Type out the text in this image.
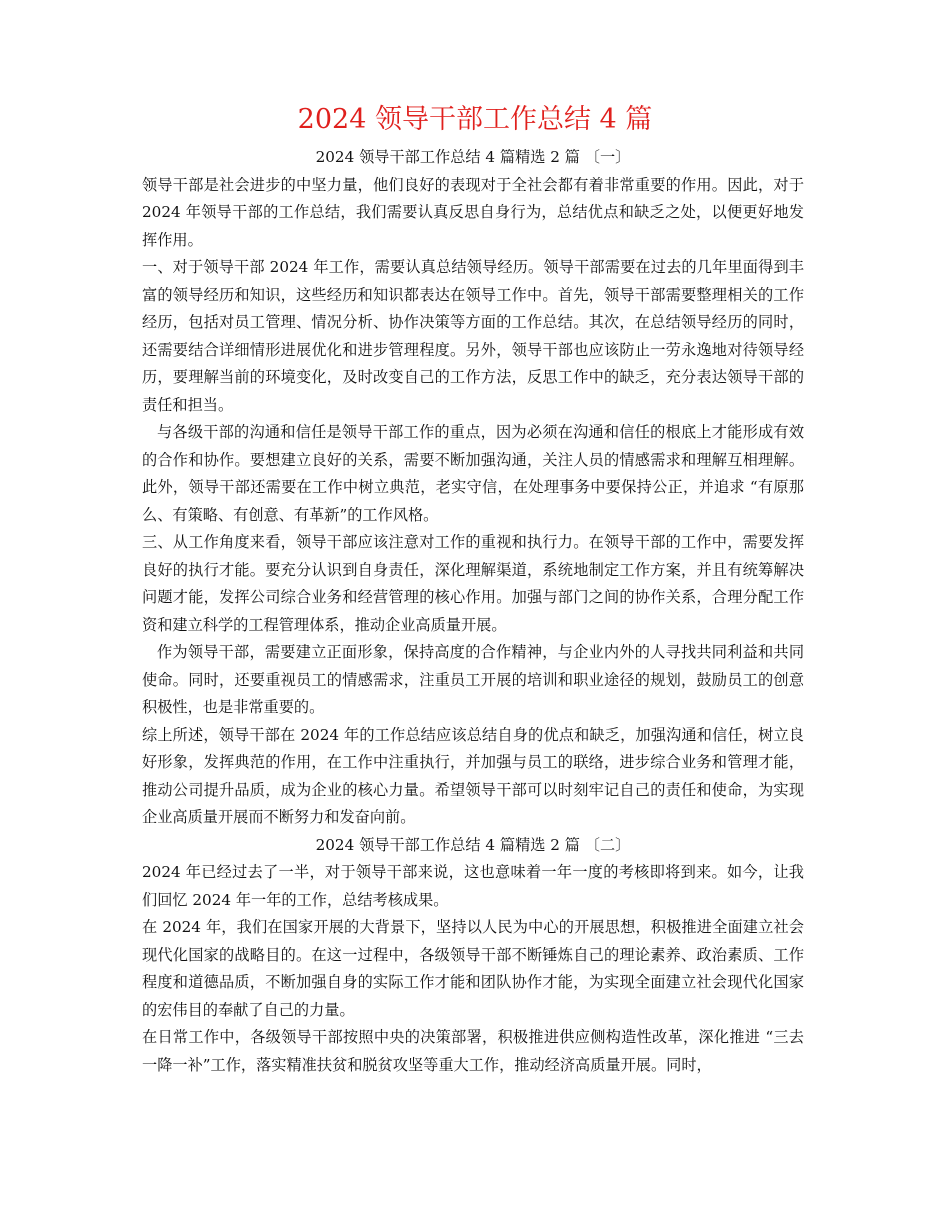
2024 领导干部工作总结 4 篇
2024 领导干部工作总结 4 篇精选 2 篇 〔一〕

领导干部是社会进步的中坚力量，他们良好的表现对于全社会都有着非常重要的作用。因此，对于 2024 年领导干部的工作总结，我们需要认真反思自身行为，总结优点和缺乏之处，以便更好地发挥作用。

一、对于领导干部 2024 年工作，需要认真总结领导经历。领导干部需要在过去的几年里面得到丰富的领导经历和知识，这些经历和知识都表达在领导工作中。首先，领导干部需要整理相关的工作经历，包括对员工管理、情况分析、协作决策等方面的工作总结。其次，在总结领导经历的同时，还需要结合详细情形进展优化和进步管理程度。另外，领导干部也应该防止一劳永逸地对待领导经历，要理解当前的环境变化，及时改变自己的工作方法，反思工作中的缺乏，充分表达领导干部的责任和担当。

与各级干部的沟通和信任是领导干部工作的重点，因为必须在沟通和信任的根底上才能形成有效的合作和协作。要想建立良好的关系，需要不断加强沟通，关注人员的情感需求和理解互相理解。此外，领导干部还需要在工作中树立典范，老实守信，在处理事务中要保持公正，并追求 “有原那么、有策略、有创意、有革新”的工作风格。

三、从工作角度来看，领导干部应该注意对工作的重视和执行力。在领导干部的工作中，需要发挥良好的执行才能。要充分认识到自身责任，深化理解渠道，系统地制定工作方案，并且有统筹解决问题才能，发挥公司综合业务和经营管理的核心作用。加强与部门之间的协作关系，合理分配工作资和建立科学的工程管理体系，推动企业高质量开展。

作为领导干部，需要建立正面形象，保持高度的合作精神，与企业内外的人寻找共同利益和共同使命。同时，还要重视员工的情感需求，注重员工开展的培训和职业途径的规划，鼓励员工的创意积极性，也是非常重要的。

综上所述，领导干部在 2024 年的工作总结应该总结自身的优点和缺乏，加强沟通和信任，树立良好形象，发挥典范的作用，在工作中注重执行，并加强与员工的联络，进步综合业务和管理才能，推动公司提升品质，成为企业的核心力量。希望领导干部可以时刻牢记自己的责任和使命，为实现企业高质量开展而不断努力和发奋向前。

2024 领导干部工作总结 4 篇精选 2 篇 〔二〕

2024 年已经过去了一半，对于领导干部来说，这也意味着一年一度的考核即将到来。如今，让我们回忆 2024 年一年的工作，总结考核成果。

在 2024 年，我们在国家开展的大背景下，坚持以人民为中心的开展思想，积极推进全面建立社会现代化国家的战略目的。在这一过程中，各级领导干部不断锤炼自己的理论素养、政治素质、工作程度和道德品质，不断加强自身的实际工作才能和团队协作才能，为实现全面建立社会现代化国家的宏伟目的奉献了自己的力量。

在日常工作中，各级领导干部按照中央的决策部署，积极推进供应侧构造性改革，深化推进 “三去一降一补”工作，落实精准扶贫和脱贫攻坚等重大工作，推动经济高质量开展。同时，
